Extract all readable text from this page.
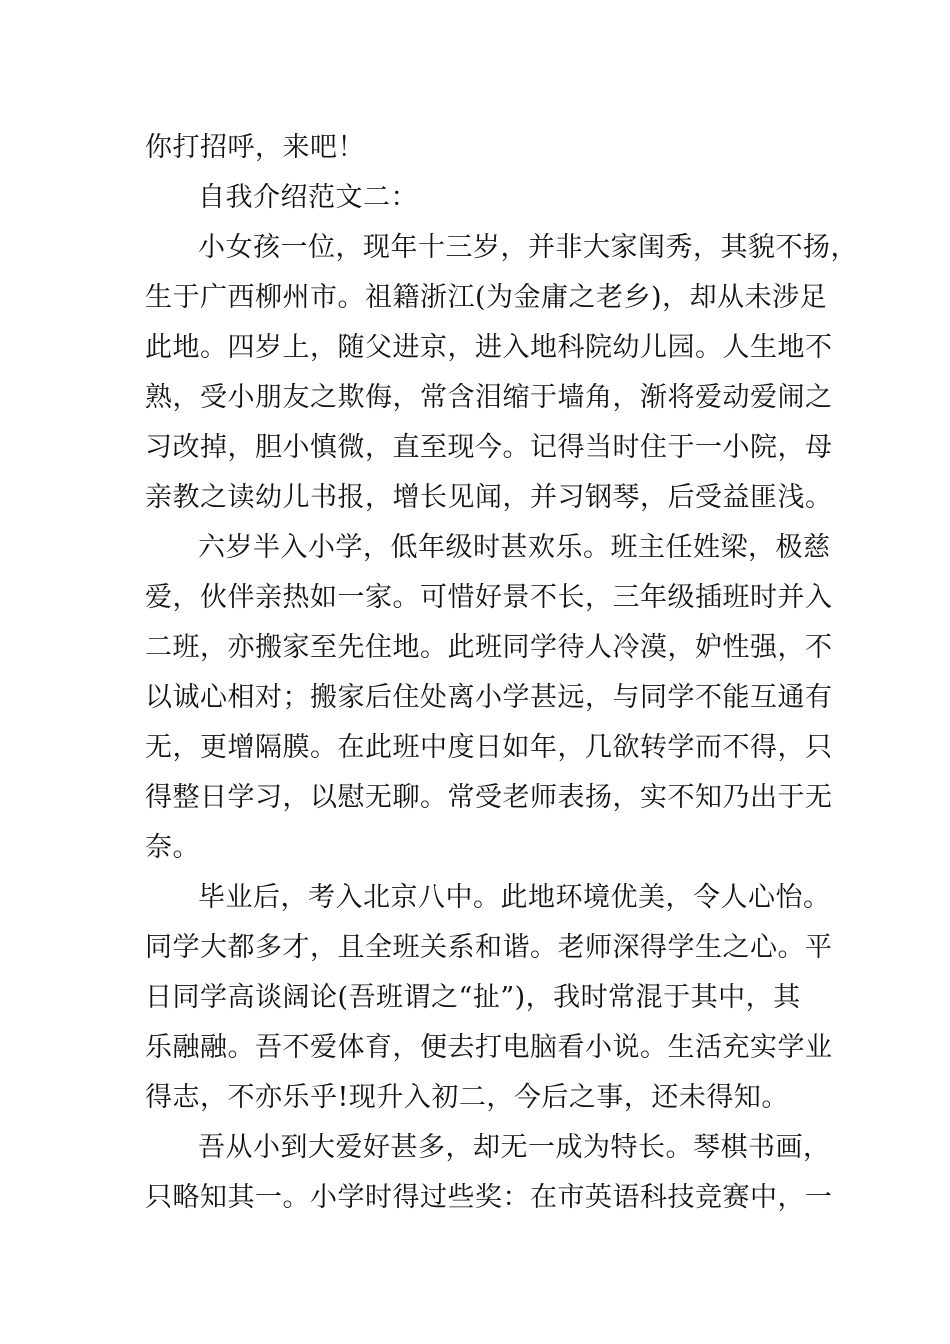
你打招呼，来吧！
自我介绍范文二：
小女孩一位，现年十三岁，并非大家闺秀，其貌不扬，
生于广西柳州市。祖籍浙江(为金庸之老乡)，却从未涉足
此地。四岁上，随父进京，进入地科院幼儿园。人生地不
熟，受小朋友之欺侮，常含泪缩于墙角，渐将爱动爱闹之
习改掉，胆小慎微，直至现今。记得当时住于一小院，母
亲教之读幼儿书报，增长见闻，并习钢琴，后受益匪浅。
六岁半入小学，低年级时甚欢乐。班主任姓梁，极慈
爱，伙伴亲热如一家。可惜好景不长，三年级插班时并入
二班，亦搬家至先住地。此班同学待人冷漠，妒性强，不
以诚心相对；搬家后住处离小学甚远，与同学不能互通有
无，更增隔膜。在此班中度日如年，几欲转学而不得，只
得整日学习，以慰无聊。常受老师表扬，实不知乃出于无
奈。
毕业后，考入北京八中。此地环境优美，令人心怡。
同学大都多才，且全班关系和谐。老师深得学生之心。平
日同学高谈阔论(吾班谓之“扯”)，我时常混于其中，其
乐融融。吾不爱体育，便去打电脑看小说。生活充实学业
得志，不亦乐乎!现升入初二，今后之事，还未得知。
吾从小到大爱好甚多，却无一成为特长。琴棋书画，
只略知其一。小学时得过些奖：在市英语科技竞赛中，一
